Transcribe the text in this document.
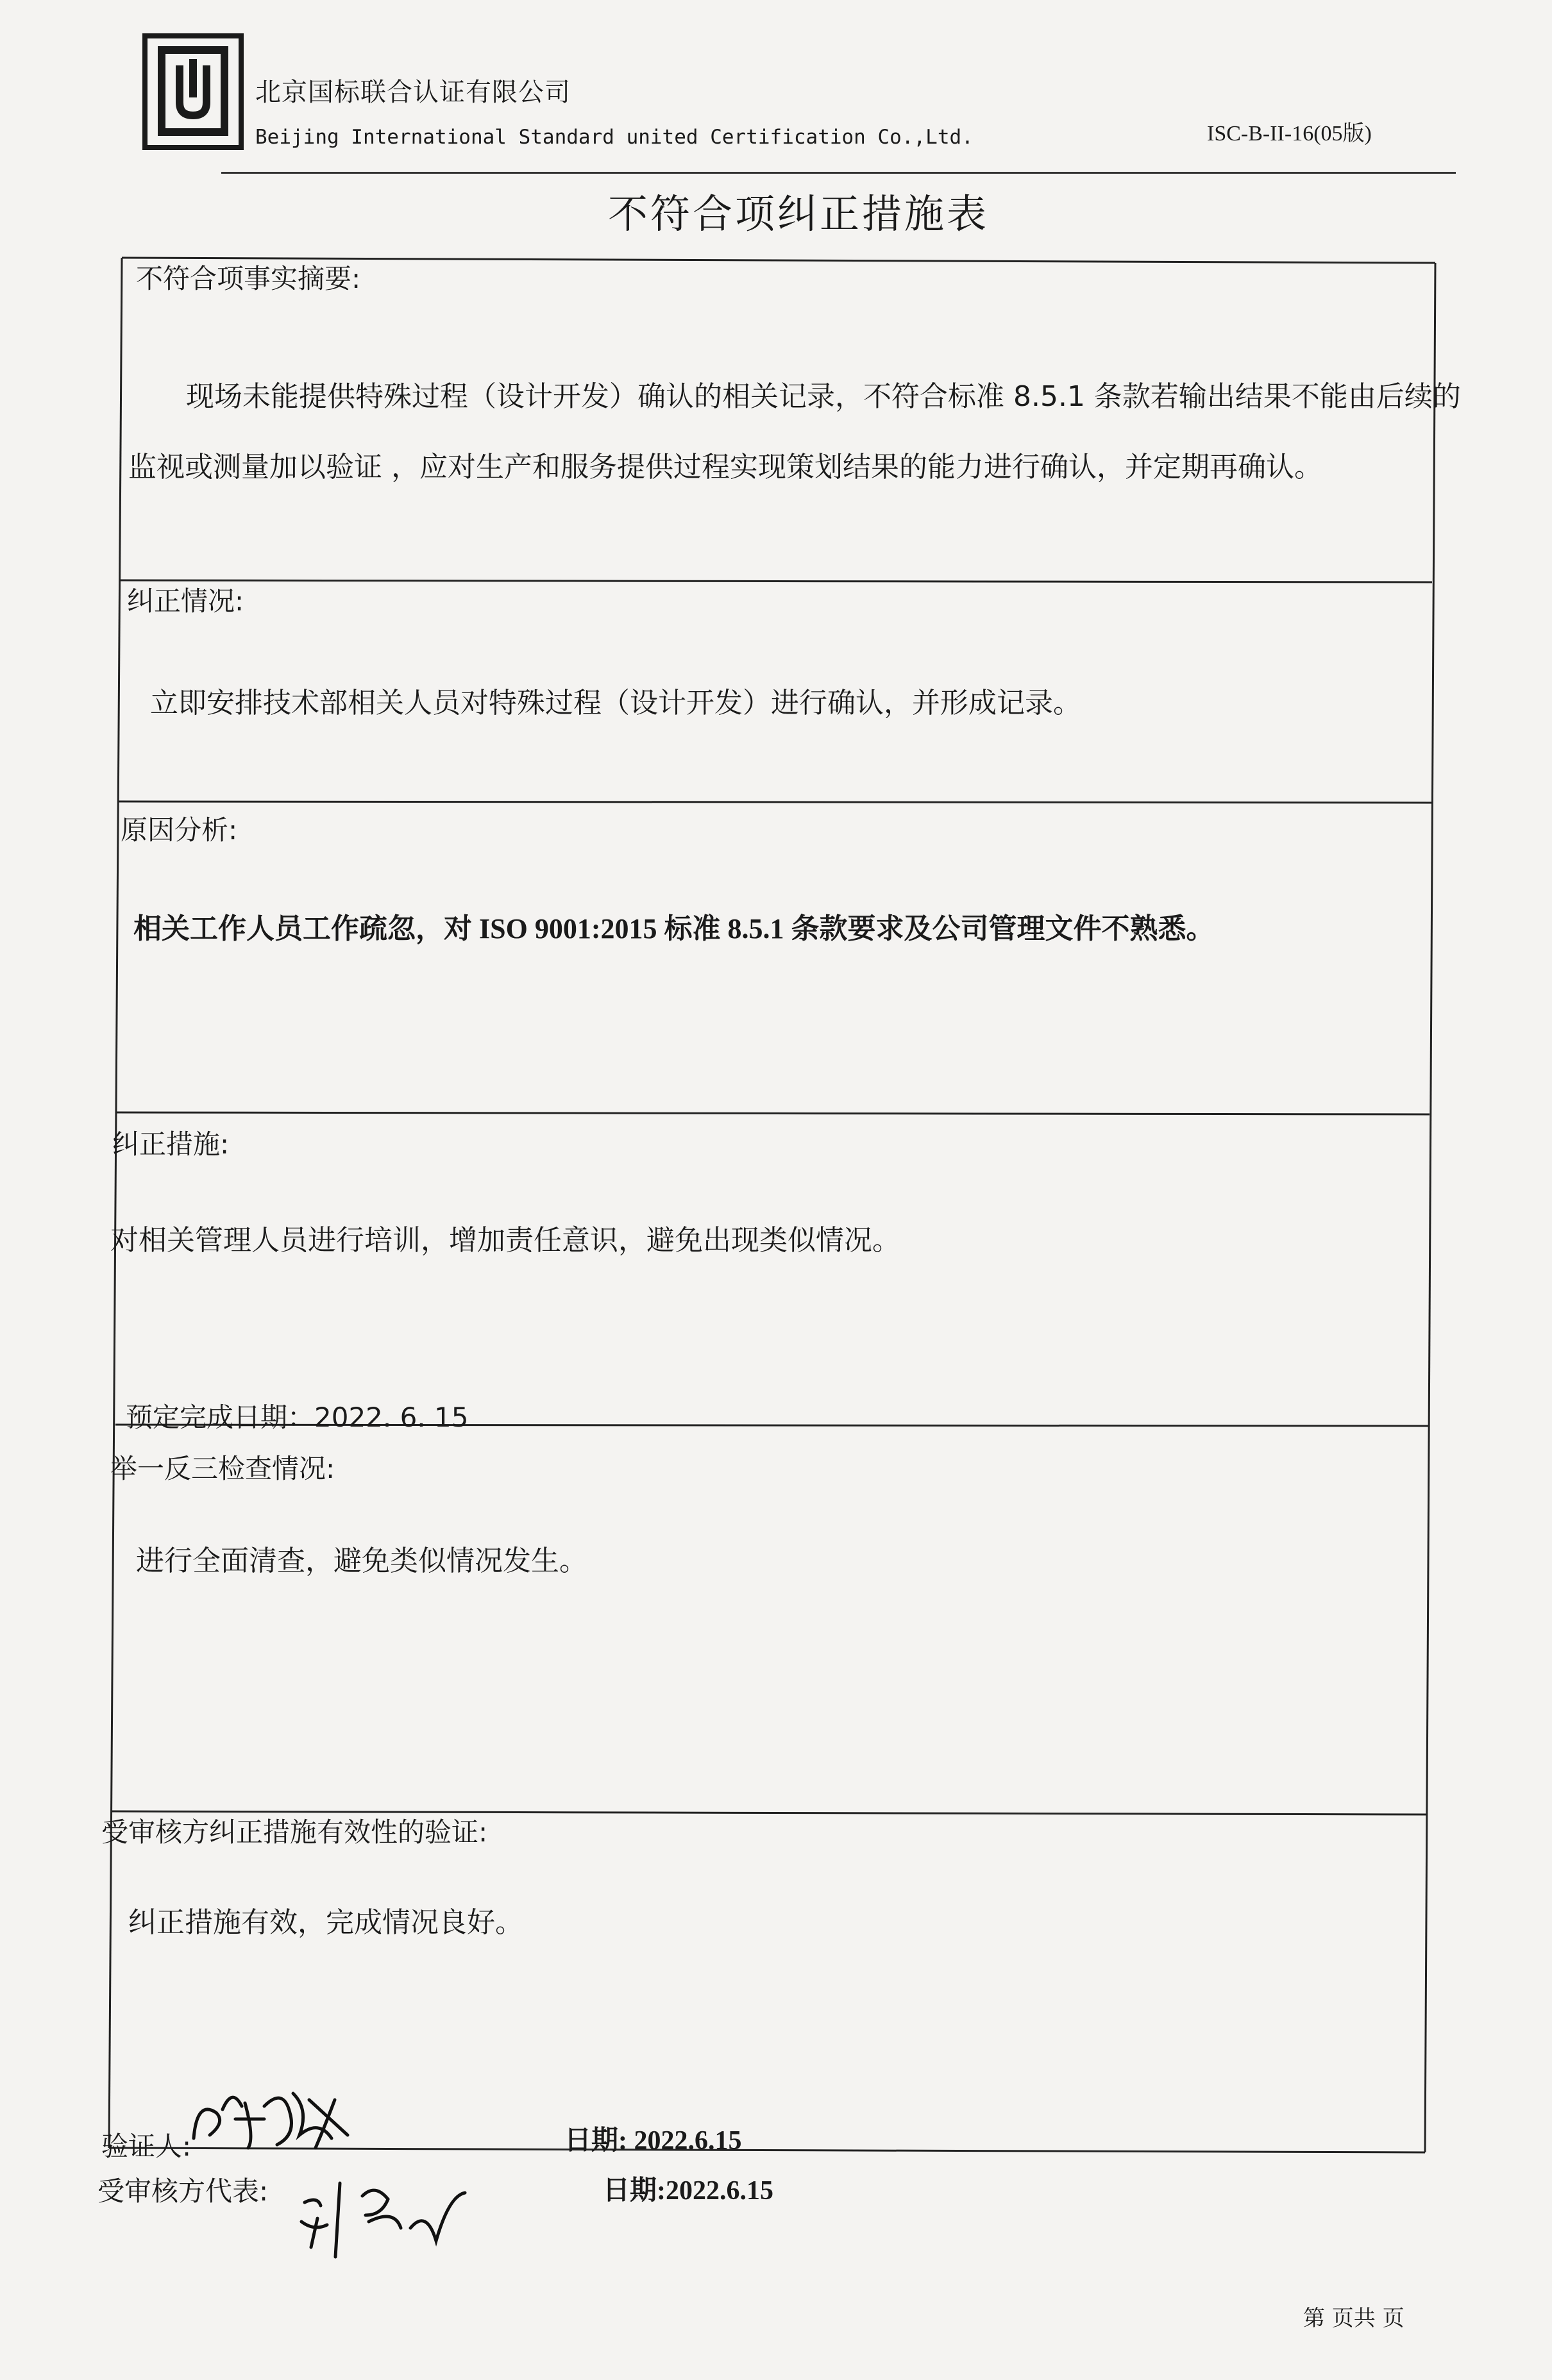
北京国标联合认证有限公司
Beijing International Standard united Certification Co.,Ltd.	ISC-B-II-16(05版)
不符合项纠正措施表
不符合项事实摘要:
现场未能提供特殊过程（设计开发）确认的相关记录，不符合标准 8.5.1 条款若输出结果不能由后续的
监视或测量加以验证 ，应对生产和服务提供过程实现策划结果的能力进行确认，并定期再确认。
纠正情况:
立即安排技术部相关人员对特殊过程（设计开发）进行确认，并形成记录。
原因分析:
相关工作人员工作疏忽，对 ISO 9001:2015 标准 8.5.1 条款要求及公司管理文件不熟悉。
纠正措施:
对相关管理人员进行培训，增加责任意识，避免出现类似情况。
预定完成日期：2022. 6. 15
举一反三检查情况:
进行全面清查，避免类似情况发生。
受审核方纠正措施有效性的验证:
纠正措施有效，完成情况良好。
验证人:	日期: 2022.6.15
受审核方代表:	日期:2022.6.15
第 页共 页
